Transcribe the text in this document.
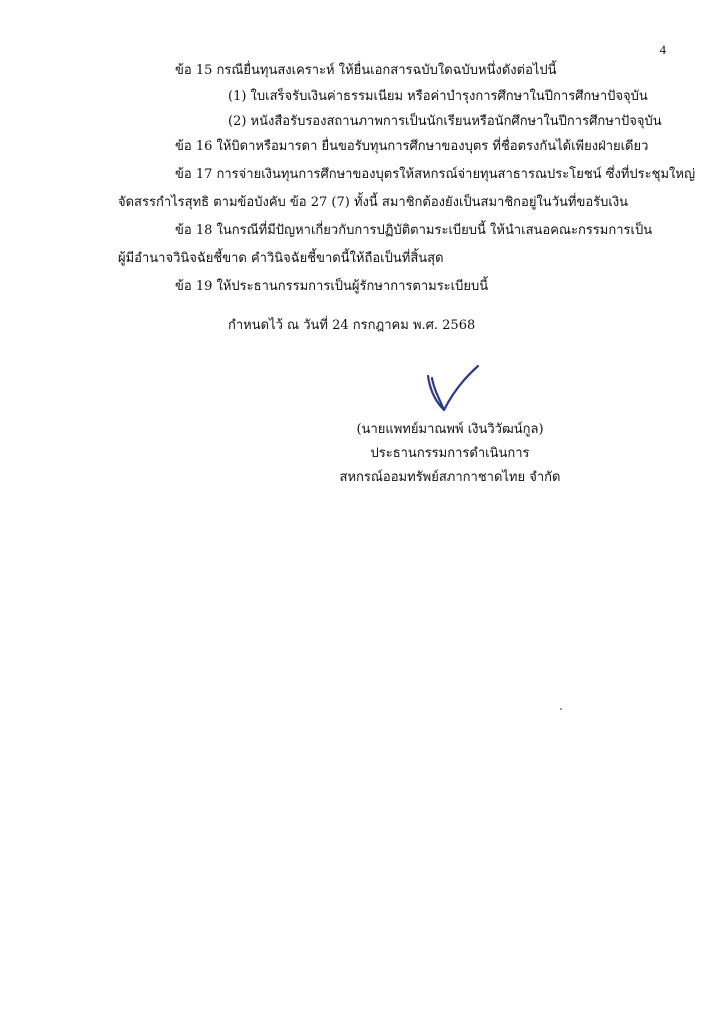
4
ข้อ 15 กรณียื่นทุนสงเคราะห์ ให้ยื่นเอกสารฉบับใดฉบับหนึ่งดังต่อไปนี้
(1) ใบเสร็จรับเงินค่าธรรมเนียม หรือค่าบำรุงการศึกษาในปีการศึกษาปัจจุบัน
(2) หนังสือรับรองสถานภาพการเป็นนักเรียนหรือนักศึกษาในปีการศึกษาปัจจุบัน
ข้อ 16 ให้บิดาหรือมารดา ยื่นขอรับทุนการศึกษาของบุตร ที่ชื่อตรงกันได้เพียงฝ่ายเดียว
ข้อ 17 การจ่ายเงินทุนการศึกษาของบุตรให้สหกรณ์จ่ายทุนสาธารณประโยชน์ ซึ่งที่ประชุมใหญ่
จัดสรรกำไรสุทธิ ตามข้อบังคับ ข้อ 27 (7) ทั้งนี้ สมาชิกต้องยังเป็นสมาชิกอยู่ในวันที่ขอรับเงิน
ข้อ 18 ในกรณีที่มีปัญหาเกี่ยวกับการปฏิบัติตามระเบียบนี้ ให้นำเสนอคณะกรรมการเป็น
ผู้มีอำนาจวินิจฉัยชี้ขาด คำวินิจฉัยชี้ขาดนี้ให้ถือเป็นที่สิ้นสุด
ข้อ 19 ให้ประธานกรรมการเป็นผู้รักษาการตามระเบียบนี้
กำหนดไว้ ณ วันที่ 24 กรกฎาคม พ.ศ. 2568
(นายแพทย์มาณพพ์ เงินวิวัฒน์กูล)
ประธานกรรมการดำเนินการ
สหกรณ์ออมทรัพย์สภากาชาดไทย จำกัด
